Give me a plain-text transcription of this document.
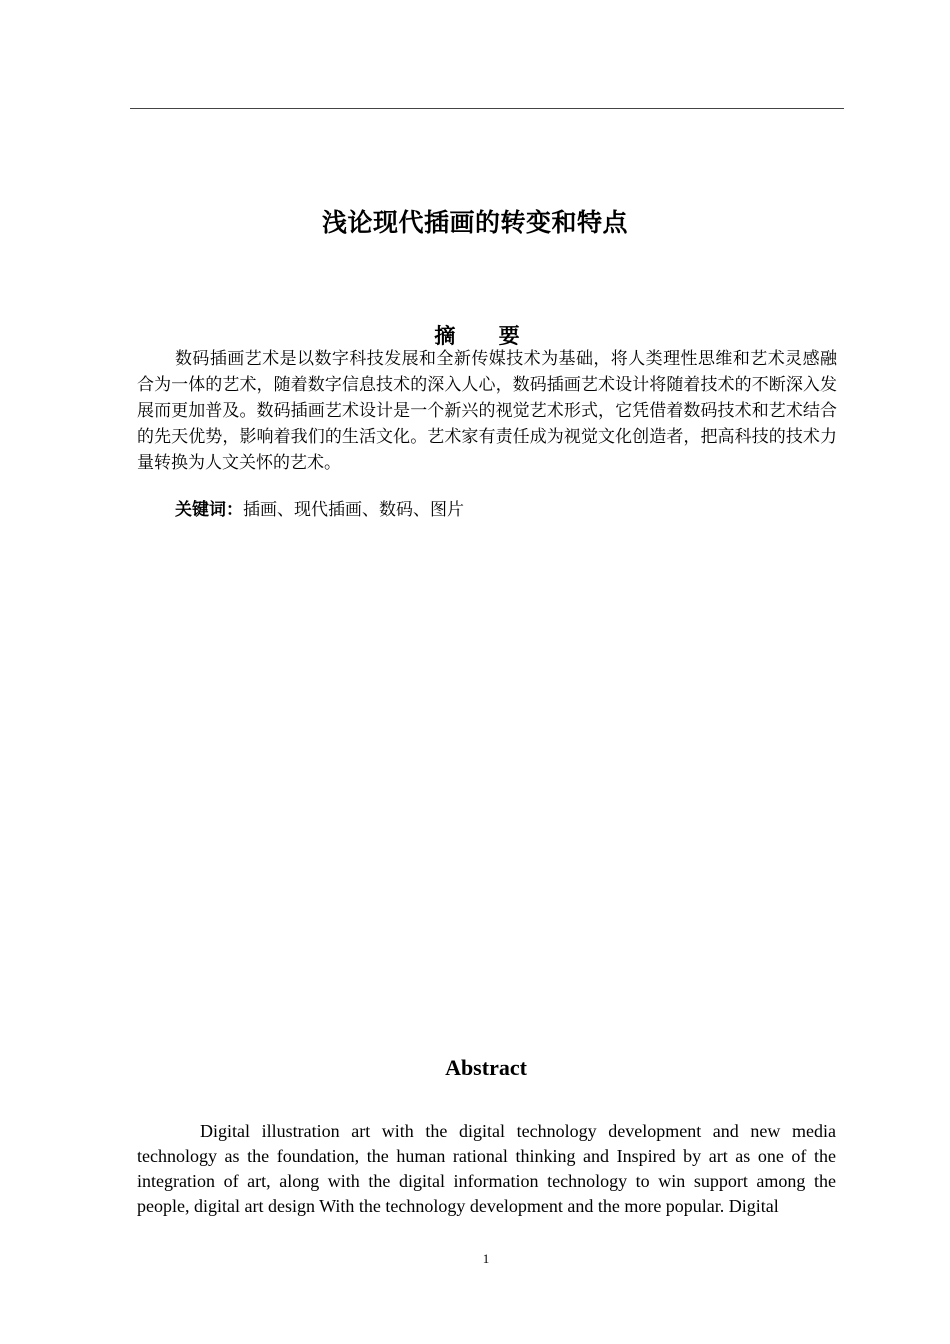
浅论现代插画的转变和特点
摘 要

数码插画艺术是以数字科技发展和全新传媒技术为基础，将人类理性思维和艺术灵感融合为一体的艺术，随着数字信息技术的深入人心，数码插画艺术设计将随着技术的不断深入发展而更加普及。数码插画艺术设计是一个新兴的视觉艺术形式，它凭借着数码技术和艺术结合的先天优势，影响着我们的生活文化。艺术家有责任成为视觉文化创造者，把高科技的技术力量转换为人文关怀的艺术。

关键词：插画、现代插画、数码、图片
Abstract

Digital illustration art with the digital technology development and new media technology as the foundation, the human rational thinking and Inspired by art as one of the integration of art, along with the digital information technology to win support among the people, digital art design With the technology development and the more popular. Digital

1
